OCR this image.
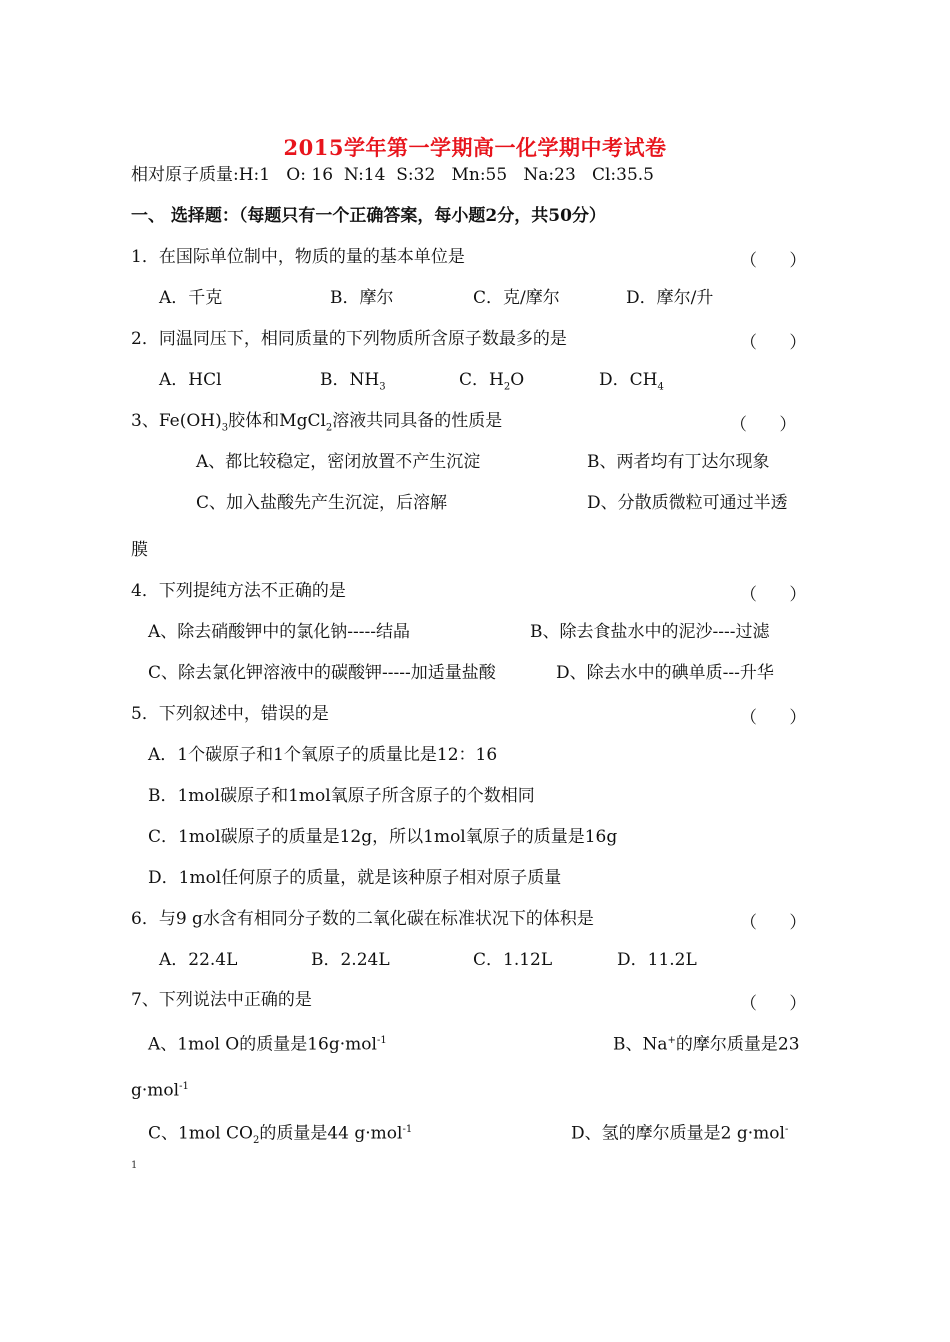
2015学年第一学期高一化学期中考试卷
相对原子质量:H:1   O: 16  N:14  S:32   Mn:55   Na:23   Cl:35.5
一、 选择题：（每题只有一个正确答案，每小题2分，共50分）
1．在国际单位制中，物质的量的基本单位是	（      ）
A．千克	B．摩尔	C．克/摩尔	D．摩尔/升
2．同温同压下，相同质量的下列物质所含原子数最多的是	（      ）
A．HCl	B．$NH_3$	C．$H_2O$	D．$CH_4$
3、$Fe(OH)_3$胶体和MgCl$_2$溶液共同具备的性质是	（      ）
A、都比较稳定，密闭放置不产生沉淀	B、两者均有丁达尔现象
C、加入盐酸先产生沉淀，后溶解	D、分散质微粒可通过半透
膜
4．下列提纯方法不正确的是	（      ）
A、除去硝酸钾中的氯化钠-----结晶	B、除去食盐水中的泥沙----过滤
C、除去氯化钾溶液中的碳酸钾-----加适量盐酸	D、除去水中的碘单质---升华
5．下列叙述中，错误的是	（      ）
A．1个碳原子和1个氧原子的质量比是12：16
B．1mol碳原子和1mol氧原子所含原子的个数相同
C．1mol碳原子的质量是12g，所以1mol氧原子的质量是16g
D．1mol任何原子的质量，就是该种原子相对原子质量
6．与9 g水含有相同分子数的二氧化碳在标准状况下的体积是	（      ）
A．22.4L	B．2.24L	C．1.12L	D．11.2L
7、下列说法中正确的是	（      ）
A、1mol O的质量是16g·mol$^{-1}$	B、Na+的摩尔质量是23
g·mol$^{-1}$
C、1mol $CO_2$的质量是44 g·mol$^{-1}$	D、氢的摩尔质量是2 g·mol-
1
